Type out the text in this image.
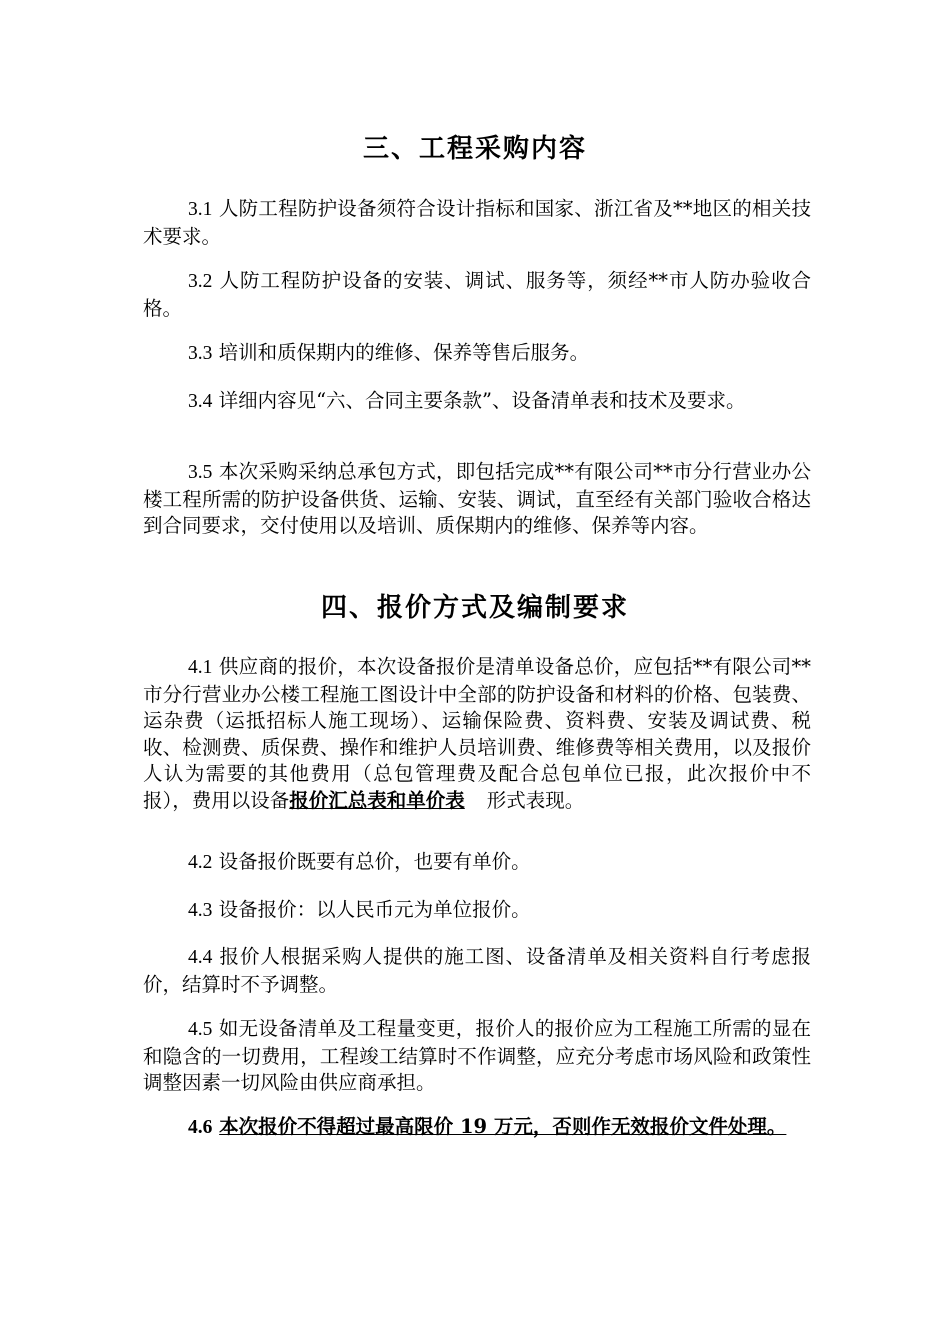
三、工程采购内容

3.1 人防工程防护设备须符合设计指标和国家、浙江省及**地区的相关技术要求。

3.2 人防工程防护设备的安装、调试、服务等，须经**市人防办验收合格。

3.3 培训和质保期内的维修、保养等售后服务。

3.4 详细内容见“六、合同主要条款”、设备清单表和技术及要求。

3.5 本次采购采纳总承包方式，即包括完成**有限公司**市分行营业办公楼工程所需的防护设备供货、运输、安装、调试，直至经有关部门验收合格达到合同要求，交付使用以及培训、质保期内的维修、保养等内容。

四、报价方式及编制要求

4.1 供应商的报价，本次设备报价是清单设备总价，应包括**有限公司**市分行营业办公楼工程施工图设计中全部的防护设备和材料的价格、包装费、运杂费（运抵招标人施工现场）、运输保险费、资料费、安装及调试费、税收、检测费、质保费、操作和维护人员培训费、维修费等相关费用，以及报价人认为需要的其他费用（总包管理费及配合总包单位已报，此次报价中不报），费用以设备报价汇总表和单价表 形式表现。

4.2 设备报价既要有总价，也要有单价。

4.3 设备报价：以人民币元为单位报价。

4.4 报价人根据采购人提供的施工图、设备清单及相关资料自行考虑报价，结算时不予调整。

4.5 如无设备清单及工程量变更，报价人的报价应为工程施工所需的显在和隐含的一切费用，工程竣工结算时不作调整，应充分考虑市场风险和政策性调整因素一切风险由供应商承担。

4.6 本次报价不得超过最高限价 19 万元，否则作无效报价文件处理。
